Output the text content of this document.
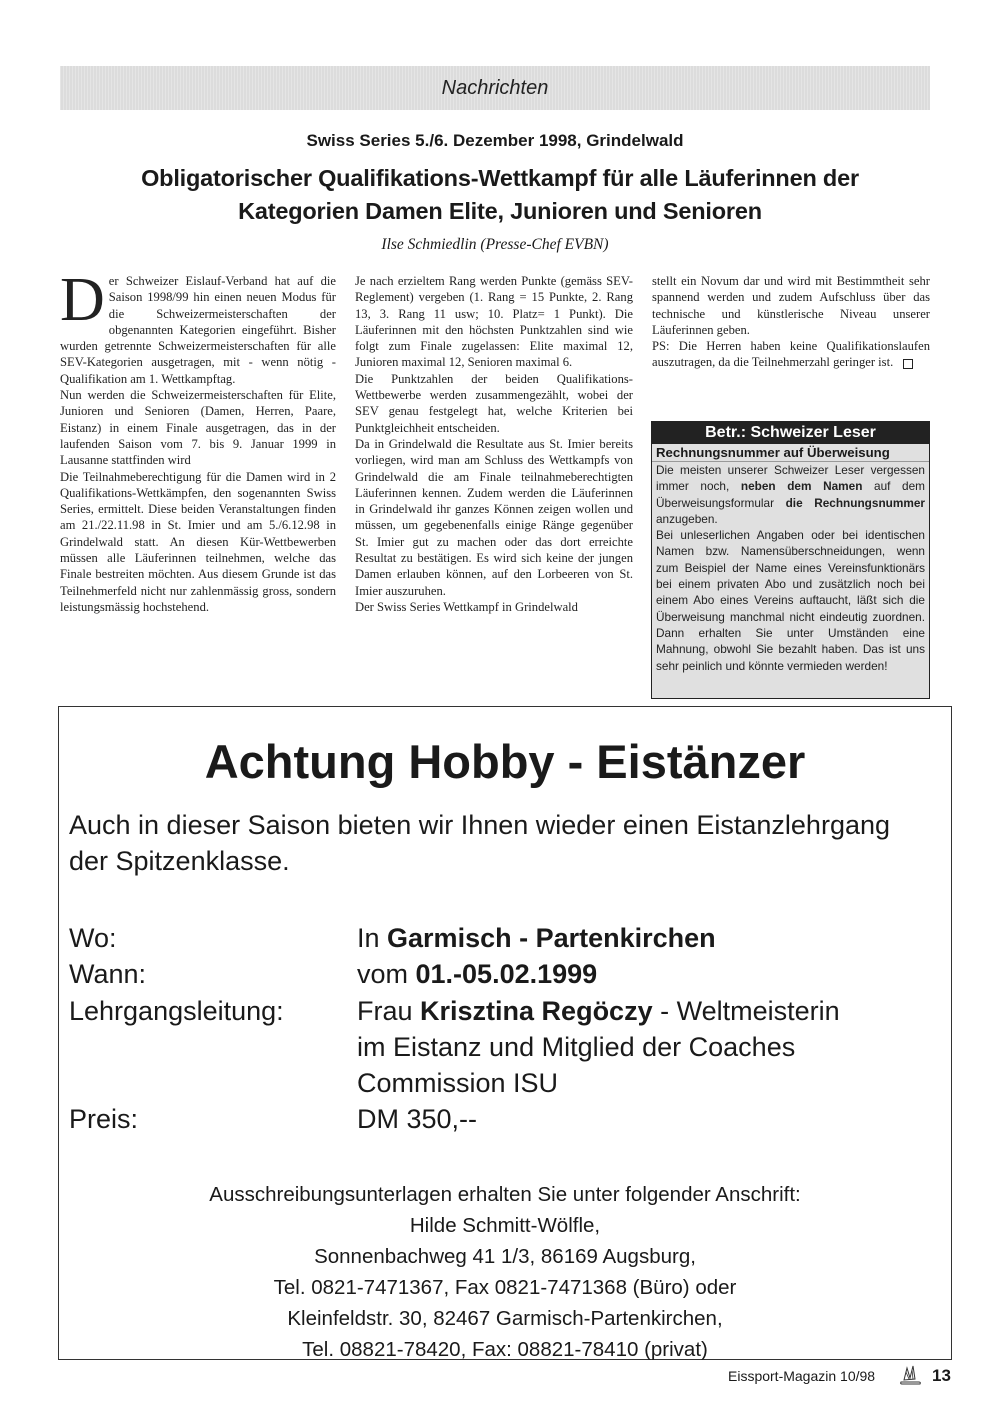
Nachrichten
Swiss Series 5./6. Dezember 1998, Grindelwald
Obligatorischer Qualifikations-Wettkampf für alle Läuferinnen der
Kategorien Damen Elite, Junioren und Senioren
Ilse Schmiedlin (Presse-Chef EVBN)
D er Schweizer Eislauf-Verband hat auf die Saison 1998/99 hin einen neuen Modus für die Schweizermeisterschaften der obgenannten Kategorien eingeführt. Bisher wurden getrennte Schweizermeisterschaften für alle SEV-Kategorien ausgetragen, mit - wenn nötig - Qualifikation am 1. Wettkampftag.

Nun werden die Schweizermeisterschaften für Elite, Junioren und Senioren (Damen, Herren, Paare, Eistanz) in einem Finale ausgetragen, das in der laufenden Saison vom 7. bis 9. Januar 1999 in Lausanne stattfinden wird

Die Teilnahmeberechtigung für die Damen wird in 2 Qualifikations-Wettkämpfen, den sogenannten Swiss Series, ermittelt. Diese beiden Veranstaltungen finden am 21./22.11.98 in St. Imier und am 5./6.12.98 in Grindelwald statt. An diesen Kür-Wettbewerben müssen alle Läuferinnen teilnehmen, welche das Finale bestreiten möchten. Aus diesem Grunde ist das Teilnehmerfeld nicht nur zahlenmässig gross, sondern leistungsmässig hochstehend.

Je nach erzieltem Rang werden Punkte (gemäss SEV-Reglement) vergeben (1. Rang = 15 Punkte, 2. Rang 13, 3. Rang 11 usw; 10. Platz= 1 Punkt). Die Läuferinnen mit den höchsten Punktzahlen sind wie folgt zum Finale zugelassen: Elite maximal 12, Junioren maximal 12, Senioren maximal 6.

Die Punktzahlen der beiden Qualifikations-Wettbewerbe werden zusammengezählt, wobei der SEV genau festgelegt hat, welche Kriterien bei Punktgleichheit entscheiden.

Da in Grindelwald die Resultate aus St. Imier bereits vorliegen, wird man am Schluss des Wettkampfs von Grindelwald die am Finale teilnahmeberechtigten Läuferinnen kennen. Zudem werden die Läuferinnen in Grindelwald ihr ganzes Können zeigen wollen und müssen, um gegebenenfalls einige Ränge gegenüber St. Imier gut zu machen oder das dort erreichte Resultat zu bestätigen. Es wird sich keine der jungen Damen erlauben können, auf den Lorbeeren von St. Imier auszuruhen.

Der Swiss Series Wettkampf in Grindelwald

stellt ein Novum dar und wird mit Bestimmtheit sehr spannend werden und zudem Aufschluss über das technische und künstlerische Niveau unserer Läuferinnen geben.

PS: Die Herren haben keine Qualifikationslaufen auszutragen, da die Teilnehmerzahl geringer ist.

Betr.: Schweizer Leser
Rechnungsnummer auf Überweisung

Die meisten unserer Schweizer Leser vergessen immer noch, neben dem Namen auf dem Überweisungsformular die Rechnungsnummer anzugeben.

Bei unleserlichen Angaben oder bei identischen Namen bzw. Namensüberschneidungen, wenn zum Beispiel der Name eines Vereinsfunktionärs bei einem privaten Abo und zusätzlich noch bei einem Abo eines Vereins auftaucht, läßt sich die Überweisung manchmal nicht eindeutig zuordnen. Dann erhalten Sie unter Umständen eine Mahnung, obwohl Sie bezahlt haben. Das ist uns sehr peinlich und könnte vermieden werden!

Achtung Hobby - Eistänzer
Auch in dieser Saison bieten wir Ihnen wieder einen Eistanzlehrgang der Spitzenklasse.
Wo:	In Garmisch - Partenkirchen
Wann:	vom 01.-05.02.1999
Lehrgangsleitung:	Frau Krisztina Regöczy - Weltmeisterin
im Eistanz und Mitglied der Coaches
Commission ISU
Preis:	DM 350,--
Ausschreibungsunterlagen erhalten Sie unter folgender Anschrift:
Hilde Schmitt-Wölfle,
Sonnenbachweg 41 1/3, 86169 Augsburg,
Tel. 0821-7471367, Fax 0821-7471368 (Büro) oder
Kleinfeldstr. 30, 82467 Garmisch-Partenkirchen,
Tel. 08821-78420, Fax: 08821-78410 (privat)
Eissport-Magazin 10/98	13
